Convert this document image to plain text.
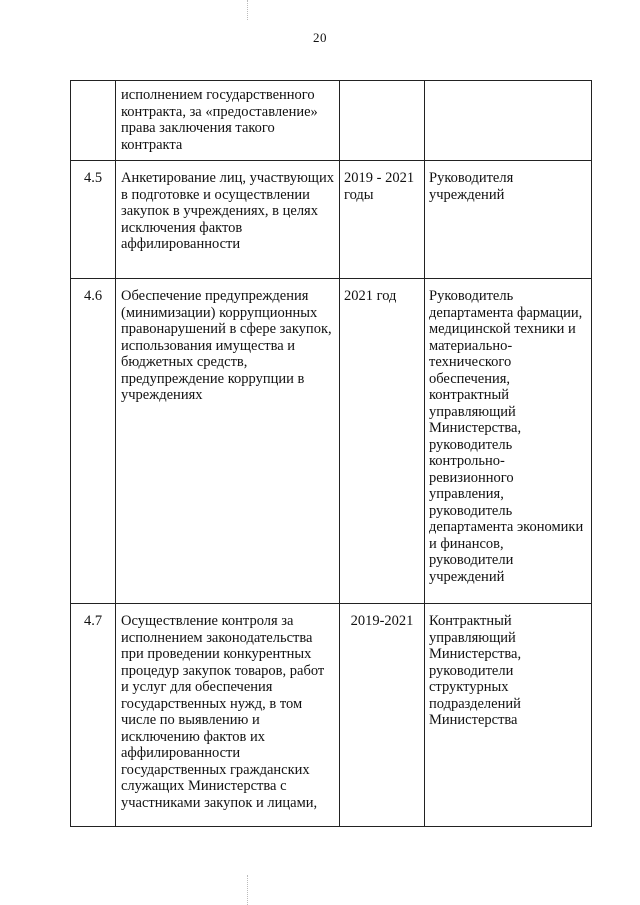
20
	исполнением государственного контракта, за «предоставление» права заключения такого контракта		
4.5	Анкетирование лиц, участвующих в подготовке и осуществлении закупок в учреждениях, в целях исключения фактов аффилированности	2019 - 2021 годы	Руководителя учреждений
4.6	Обеспечение предупреждения (минимизации) коррупционных правонарушений в сфере закупок, использования имущества и бюджетных средств, предупреждение коррупции в учреждениях	2021 год	Руководитель департамента фармации, медицинской техники и материально-технического обеспечения, контрактный управляющий Министерства, руководитель контрольно-ревизионного управления, руководитель департамента экономики и финансов, руководители учреждений
4.7	Осуществление контроля за исполнением законодательства при проведении конкурентных процедур закупок товаров, работ и услуг для обеспечения государственных нужд, в том числе по выявлению и исключению фактов их аффилированности государственных гражданских служащих Министерства с участниками закупок и лицами,	2019-2021	Контрактный управляющий Министерства, руководители структурных подразделений Министерства
